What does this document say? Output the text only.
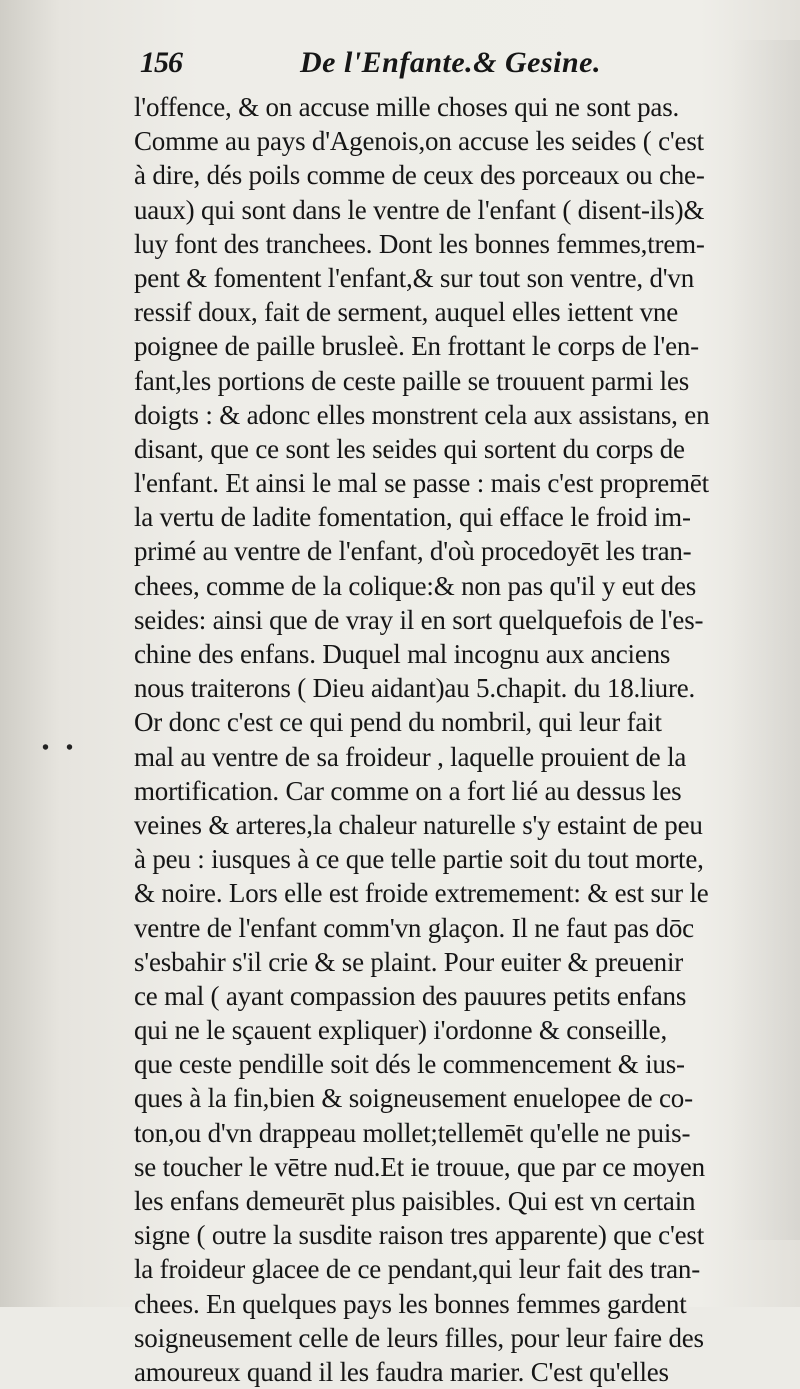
156	De l'Enfante.& Gesine.
• •
l'offence, & on accuse mille choses qui ne sont pas.
Comme au pays d'Agenois,on accuse les seides ( c'est
à dire, dés poils comme de ceux des porceaux ou che-
uaux) qui sont dans le ventre de l'enfant ( disent-ils)&
luy font des tranchees. Dont les bonnes femmes,trem-
pent & fomentent l'enfant,& sur tout son ventre, d'vn
ressif doux, fait de serment, auquel elles iettent vne
poignee de paille brusleè. En frottant le corps de l'en-
fant,les portions de ceste paille se trouuent parmi les
doigts : & adonc elles monstrent cela aux assistans, en
disant, que ce sont les seides qui sortent du corps de
l'enfant. Et ainsi le mal se passe : mais c'est propremēt
la vertu de ladite fomentation, qui efface le froid im-
primé au ventre de l'enfant, d'où procedoyēt les tran-
chees, comme de la colique:& non pas qu'il y eut des
seides: ainsi que de vray il en sort quelquefois de l'es-
chine des enfans. Duquel mal incognu aux anciens
nous traiterons ( Dieu aidant)au 5.chapit. du 18.liure.
Or donc c'est ce qui pend du nombril, qui leur fait
mal au ventre de sa froideur , laquelle prouient de la
mortification. Car comme on a fort lié au dessus les
veines & arteres,la chaleur naturelle s'y estaint de peu
à peu : iusques à ce que telle partie soit du tout morte,
& noire. Lors elle est froide extremement: & est sur le
ventre de l'enfant comm'vn glaçon. Il ne faut pas dōc
s'esbahir s'il crie & se plaint. Pour euiter & preuenir
ce mal ( ayant compassion des pauures petits enfans
qui ne le sçauent expliquer) i'ordonne & conseille,
que ceste pendille soit dés le commencement & ius-
ques à la fin,bien & soigneusement enuelopee de co-
ton,ou d'vn drappeau mollet;tellemēt qu'elle ne puis-
se toucher le vētre nud.Et ie trouue, que par ce moyen
les enfans demeurēt plus paisibles. Qui est vn certain
signe ( outre la susdite raison tres apparente) que c'est
la froideur glacee de ce pendant,qui leur fait des tran-
chees. En quelques pays les bonnes femmes gardent
soigneusement celle de leurs filles, pour leur faire des
amoureux quand il les faudra marier. C'est qu'elles
